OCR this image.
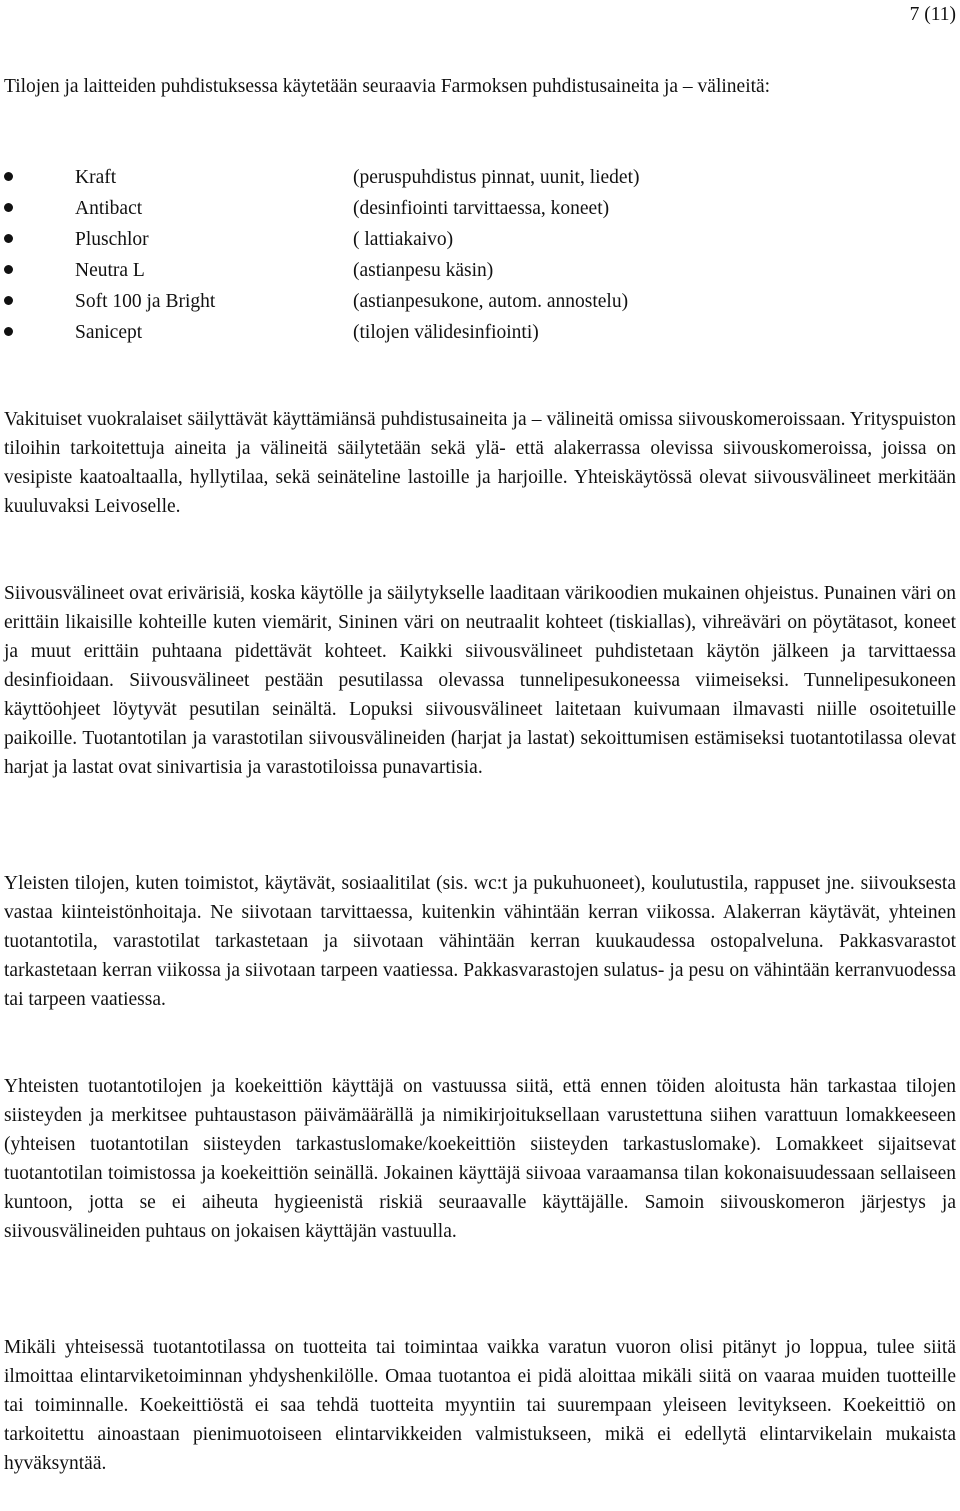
7 (11)

Tilojen ja laitteiden puhdistuksessa käytetään seuraavia Farmoksen puhdistusaineita ja – välineitä:

Kraft	(peruspuhdistus pinnat, uunit, liedet)
Antibact	(desinfiointi tarvittaessa, koneet)
Pluschlor	( lattiakaivo)
Neutra L	(astianpesu käsin)
Soft 100 ja Bright	(astianpesukone, autom. annostelu)
Sanicept	(tilojen välidesinfiointi)

Vakituiset vuokralaiset säilyttävät käyttämiänsä puhdistusaineita ja – välineitä omissa siivouskomeroissaan. Yrityspuiston tiloihin tarkoitettuja aineita ja välineitä säilytetään sekä ylä- että alakerrassa olevissa siivouskomeroissa, joissa on vesipiste kaatoaltaalla, hyllytilaa, sekä seinäteline lastoille ja harjoille. Yhteiskäytössä olevat siivousvälineet merkitään kuuluvaksi Leivoselle.

Siivousvälineet ovat erivärisiä, koska käytölle ja säilytykselle laaditaan värikoodien mukainen ohjeistus. Punainen väri on erittäin likaisille kohteille kuten viemärit, Sininen väri on neutraalit kohteet (tiskiallas), vihreäväri on pöytätasot, koneet ja muut erittäin puhtaana pidettävät kohteet. Kaikki siivousvälineet puhdistetaan käytön jälkeen ja tarvittaessa desinfioidaan. Siivousvälineet pestään pesutilassa olevassa tunnelipesukoneessa viimeiseksi. Tunnelipesukoneen käyttöohjeet löytyvät pesutilan seinältä. Lopuksi siivousvälineet laitetaan kuivumaan ilmavasti niille osoitetuille paikoille. Tuotantotilan ja varastotilan siivousvälineiden (harjat ja lastat) sekoittumisen estämiseksi tuotantotilassa olevat harjat ja lastat ovat sinivartisia ja varastotiloissa punavartisia.

Yleisten tilojen, kuten toimistot, käytävät, sosiaalitilat (sis. wc:t ja pukuhuoneet), koulutustila, rappuset jne. siivouksesta vastaa kiinteistönhoitaja. Ne siivotaan tarvittaessa, kuitenkin vähintään kerran viikossa. Alakerran käytävät, yhteinen tuotantotila, varastotilat tarkastetaan ja siivotaan vähintään kerran kuukaudessa ostopalveluna. Pakkasvarastot tarkastetaan kerran viikossa ja siivotaan tarpeen vaatiessa. Pakkasvarastojen sulatus- ja pesu on vähintään kerranvuodessa tai tarpeen vaatiessa.

Yhteisten tuotantotilojen ja koekeittiön käyttäjä on vastuussa siitä, että ennen töiden aloitusta hän tarkastaa tilojen siisteyden ja merkitsee puhtaustason päivämäärällä ja nimikirjoituksellaan varustettuna siihen varattuun lomakkeeseen (yhteisen tuotantotilan siisteyden tarkastuslomake/koekeittiön siisteyden tarkastuslomake). Lomakkeet sijaitsevat tuotantotilan toimistossa ja koekeittiön seinällä. Jokainen käyttäjä siivoaa varaamansa tilan kokonaisuudessaan sellaiseen kuntoon, jotta se ei aiheuta hygieenistä riskiä seuraavalle käyttäjälle. Samoin siivouskomeron järjestys ja siivousvälineiden puhtaus on jokaisen käyttäjän vastuulla.

Mikäli yhteisessä tuotantotilassa on tuotteita tai toimintaa vaikka varatun vuoron olisi pitänyt jo loppua, tulee siitä ilmoittaa elintarviketoiminnan yhdyshenkilölle. Omaa tuotantoa ei pidä aloittaa mikäli siitä on vaaraa muiden tuotteille tai toiminnalle. Koekeittiöstä ei saa tehdä tuotteita myyntiin tai suurempaan yleiseen levitykseen. Koekeittiö on tarkoitettu ainoastaan pienimuotoiseen elintarvikkeiden valmistukseen, mikä ei edellytä elintarvikelain mukaista hyväksyntää.
